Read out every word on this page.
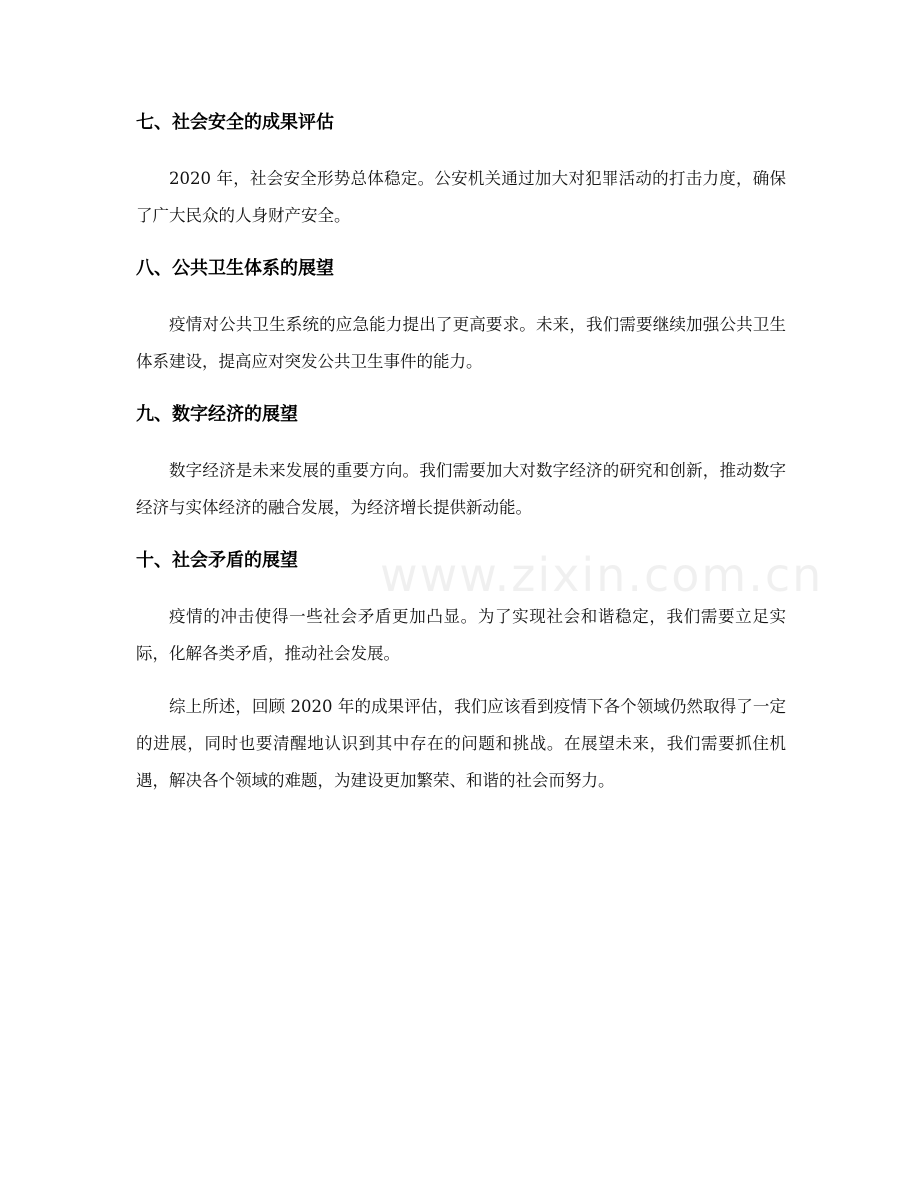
七、社会安全的成果评估

2020 年，社会安全形势总体稳定。公安机关通过加大对犯罪活动的打击力度，确保了广大民众的人身财产安全。

八、公共卫生体系的展望

疫情对公共卫生系统的应急能力提出了更高要求。未来，我们需要继续加强公共卫生体系建设，提高应对突发公共卫生事件的能力。

九、数字经济的展望

数字经济是未来发展的重要方向。我们需要加大对数字经济的研究和创新，推动数字经济与实体经济的融合发展，为经济增长提供新动能。

十、社会矛盾的展望

疫情的冲击使得一些社会矛盾更加凸显。为了实现社会和谐稳定，我们需要立足实际，化解各类矛盾，推动社会发展。

综上所述，回顾 2020 年的成果评估，我们应该看到疫情下各个领域仍然取得了一定的进展，同时也要清醒地认识到其中存在的问题和挑战。在展望未来，我们需要抓住机遇，解决各个领域的难题，为建设更加繁荣、和谐的社会而努力。

www.zixin.com.cn
